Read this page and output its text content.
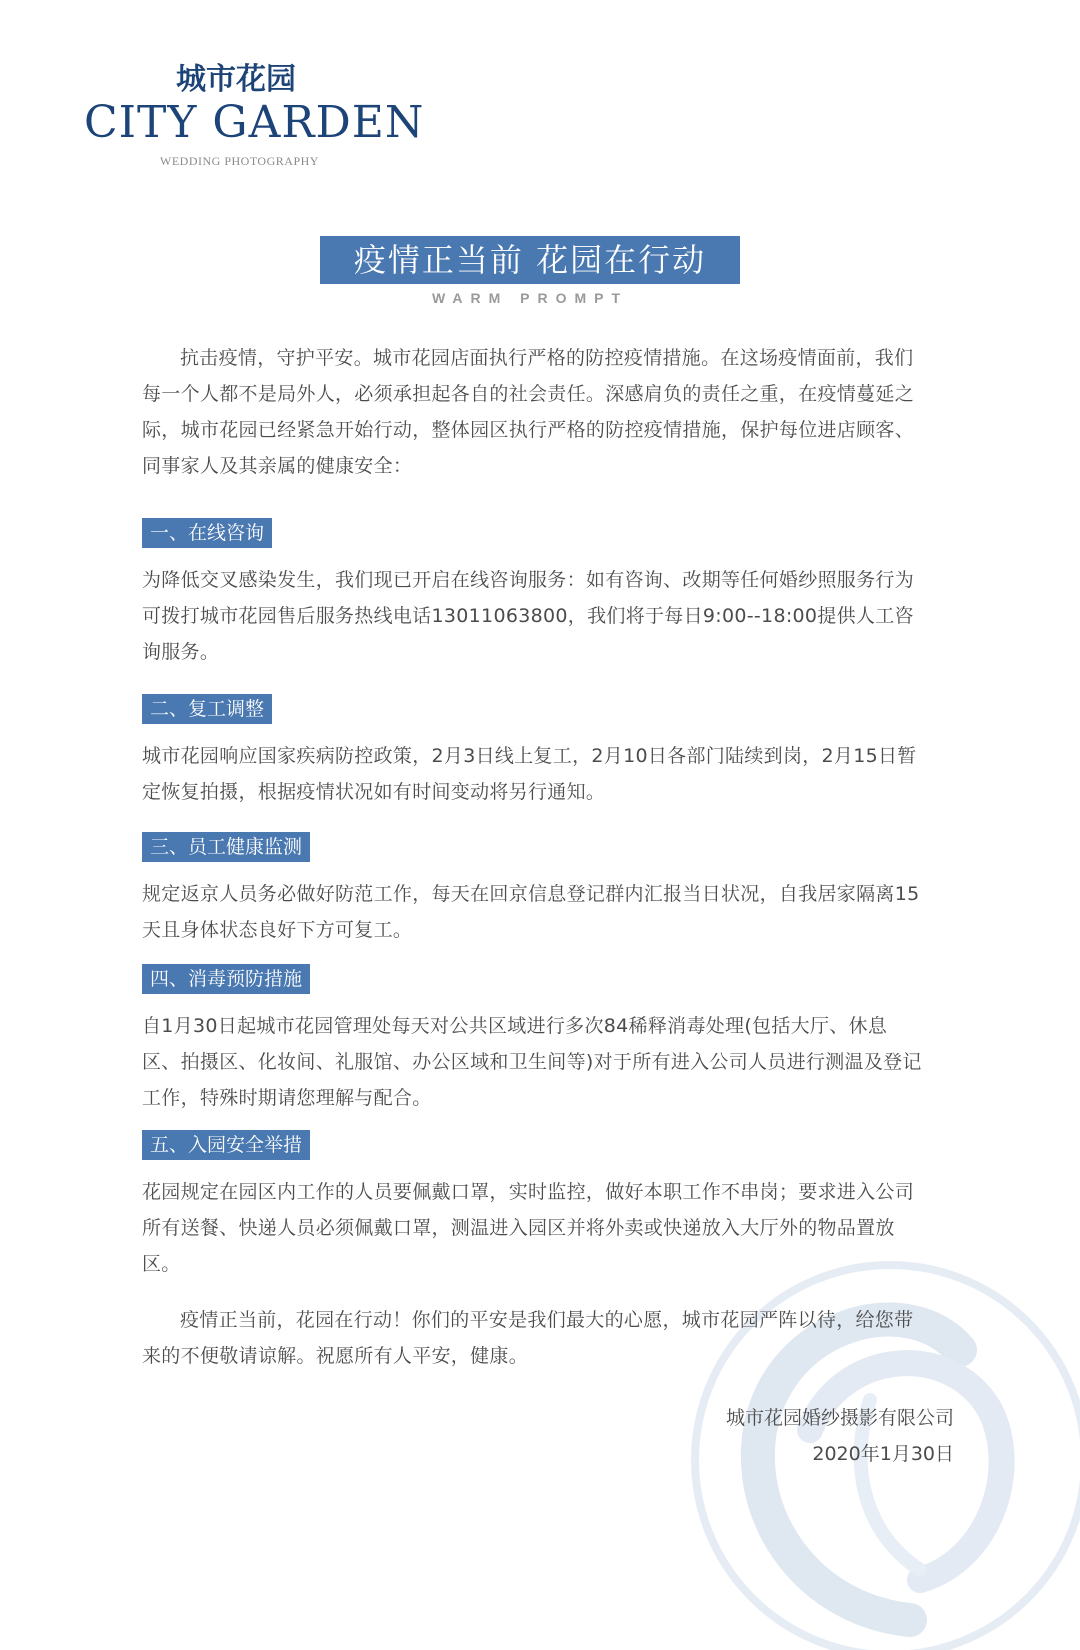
城市花园
CITY GARDEN
WEDDING PHOTOGRAPHY
疫情正当前 花园在行动
WARM PROMPT

抗击疫情，守护平安。城市花园店面执行严格的防控疫情措施。在这场疫情面前，我们每一个人都不是局外人，必须承担起各自的社会责任。深感肩负的责任之重，在疫情蔓延之际，城市花园已经紧急开始行动，整体园区执行严格的防控疫情措施，保护每位进店顾客、同事家人及其亲属的健康安全：

一、在线咨询

为降低交叉感染发生，我们现已开启在线咨询服务：如有咨询、改期等任何婚纱照服务行为可拨打城市花园售后服务热线电话13011063800，我们将于每日9:00--18:00提供人工咨询服务。

二、复工调整

城市花园响应国家疾病防控政策，2月3日线上复工，2月10日各部门陆续到岗，2月15日暂定恢复拍摄，根据疫情状况如有时间变动将另行通知。

三、员工健康监测

规定返京人员务必做好防范工作，每天在回京信息登记群内汇报当日状况，自我居家隔离15天且身体状态良好下方可复工。

四、消毒预防措施

自1月30日起城市花园管理处每天对公共区域进行多次84稀释消毒处理(包括大厅、休息区、拍摄区、化妆间、礼服馆、办公区域和卫生间等)对于所有进入公司人员进行测温及登记工作，特殊时期请您理解与配合。

五、入园安全举措

花园规定在园区内工作的人员要佩戴口罩，实时监控，做好本职工作不串岗；要求进入公司所有送餐、快递人员必须佩戴口罩，测温进入园区并将外卖或快递放入大厅外的物品置放区。

疫情正当前，花园在行动！你们的平安是我们最大的心愿，城市花园严阵以待，给您带来的不便敬请谅解。祝愿所有人平安，健康。

城市花园婚纱摄影有限公司
2020年1月30日
